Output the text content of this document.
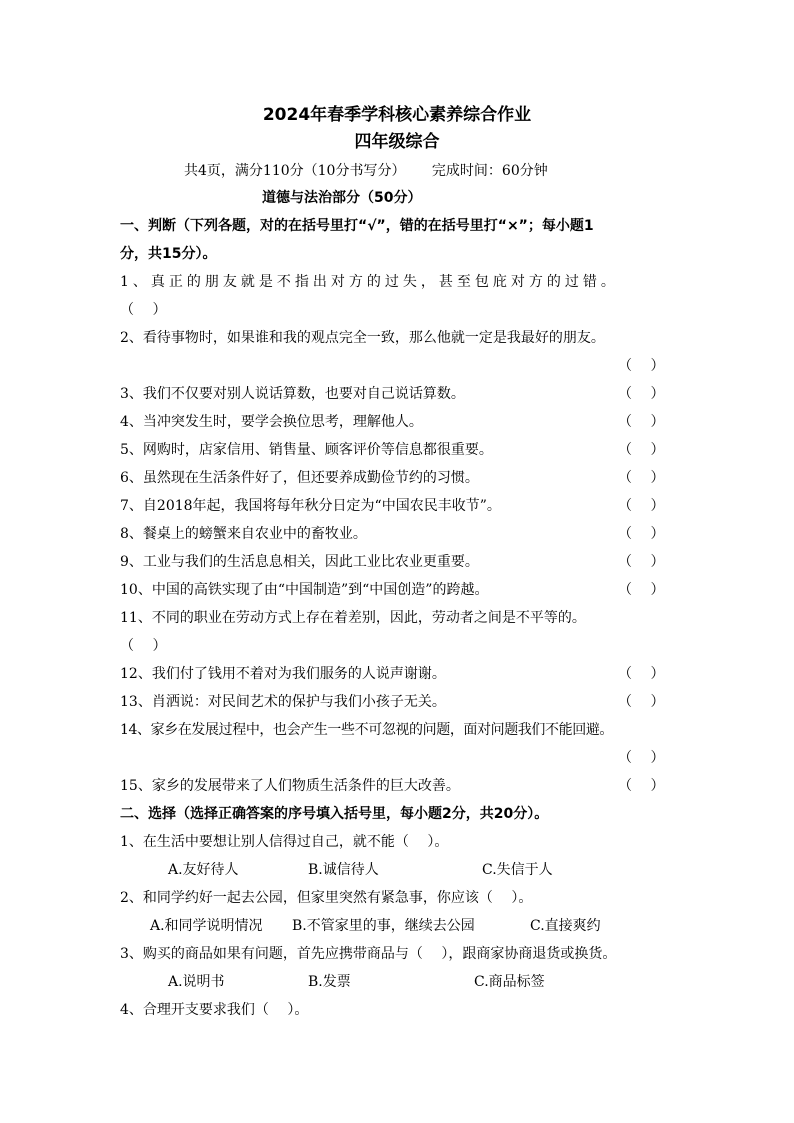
2024年春季学科核心素养综合作业
四年级综合
共4页，满分110分（10分书写分） 完成时间：60分钟
道德与法治部分（50分）
一、判断（下列各题，对的在括号里打“√”，错的在括号里打“×”；每小题1
分，共15分）。
1、真正的朋友就是不指出对方的过失，甚至包庇对方的过错。
（　 ）
2、看待事物时，如果谁和我的观点完全一致，那么他就一定是我最好的朋友。
（　 ）
3、我们不仅要对别人说话算数，也要对自己说话算数。	（　 ）
4、当冲突发生时，要学会换位思考，理解他人。	（　 ）
5、网购时，店家信用、销售量、顾客评价等信息都很重要。	（　 ）
6、虽然现在生活条件好了，但还要养成勤俭节约的习惯。	（　 ）
7、自2018年起，我国将每年秋分日定为“中国农民丰收节”。	（　 ）
8、餐桌上的螃蟹来自农业中的畜牧业。	（　 ）
9、工业与我们的生活息息相关，因此工业比农业更重要。	（　 ）
10、中国的高铁实现了由“中国制造”到“中国创造”的跨越。	（　 ）
11、不同的职业在劳动方式上存在着差别，因此，劳动者之间是不平等的。
（　 ）
12、我们付了钱用不着对为我们服务的人说声谢谢。	（　 ）
13、肖洒说：对民间艺术的保护与我们小孩子无关。	（　 ）
14、家乡在发展过程中，也会产生一些不可忽视的问题，面对问题我们不能回避。
（　 ）
15、家乡的发展带来了人们物质生活条件的巨大改善。	（　 ）
二、选择（选择正确答案的序号填入括号里，每小题2分，共20分）。
1、在生活中要想让别人信得过自己，就不能（　 ）。
A.友好待人	B.诚信待人	C.失信于人
2、和同学约好一起去公园，但家里突然有紧急事，你应该（　 ）。
A.和同学说明情况 B.不管家里的事，继续去公园	C.直接爽约
3、购买的商品如果有问题，首先应携带商品与（　 ），跟商家协商退货或换货。
A.说明书	B.发票	C.商品标签
4、合理开支要求我们（　 ）。
